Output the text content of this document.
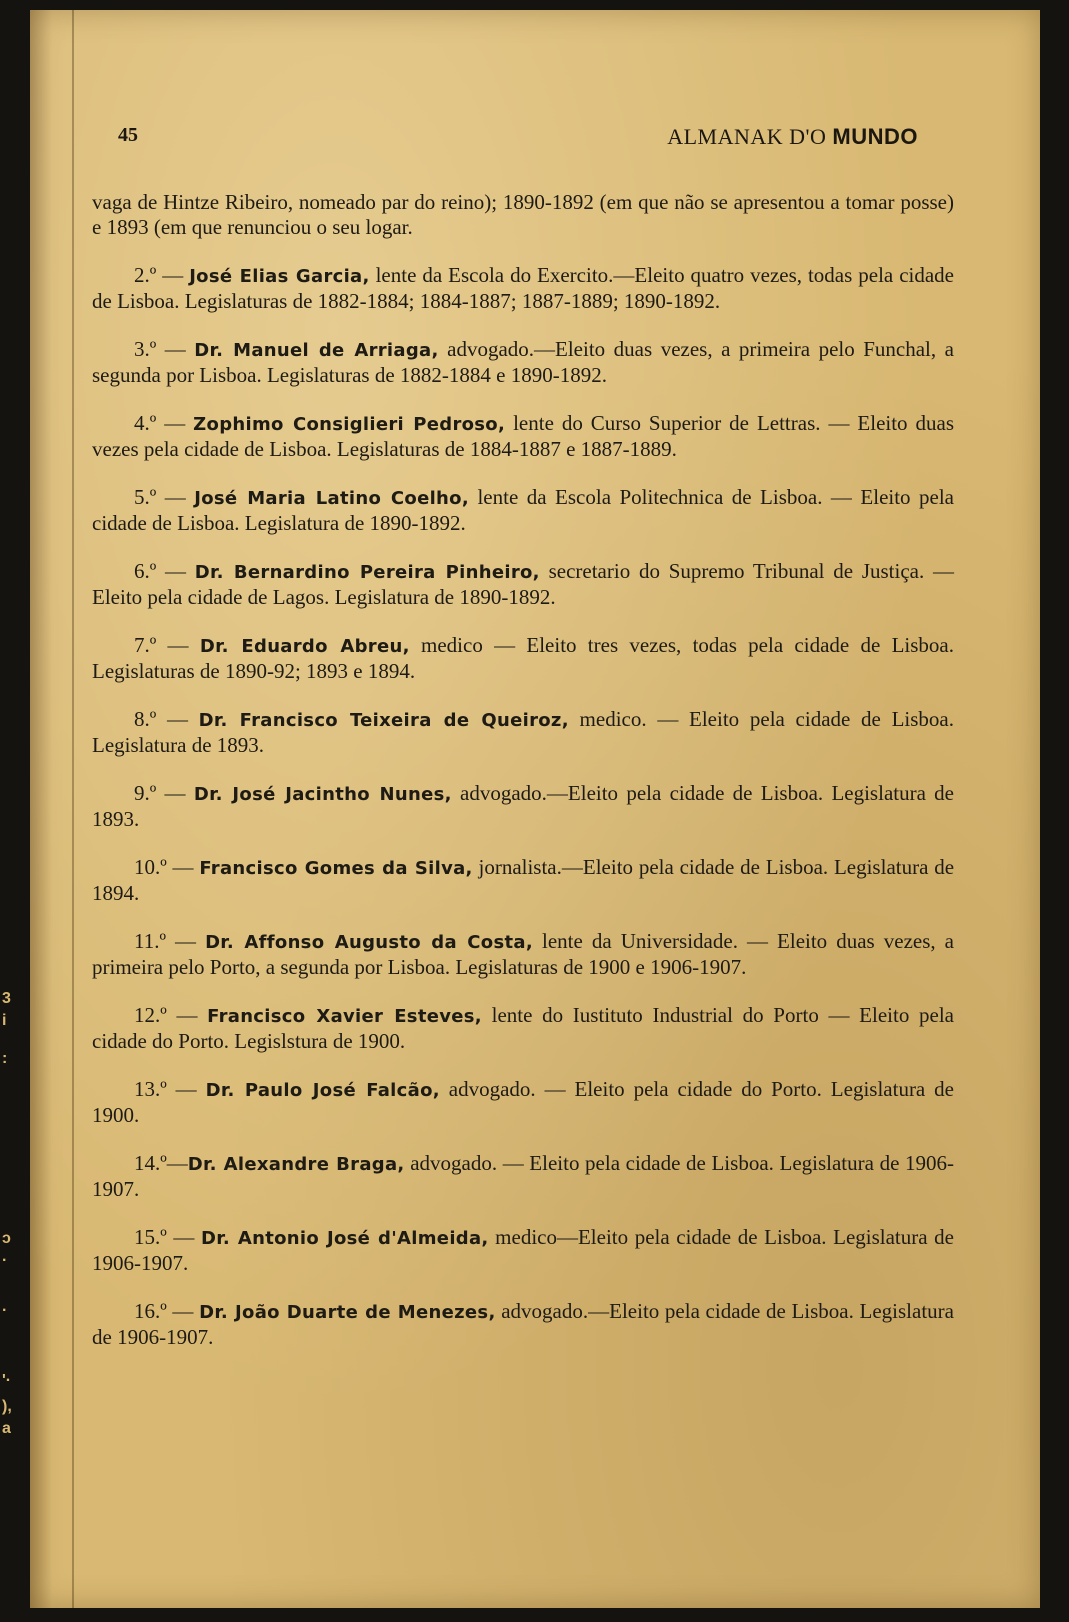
3
i
:
ɔ
·
·
'·
),
a
45	ALMANAK D'O MUNDO

vaga de Hintze Ribeiro, nomeado par do reino); 1890-1892 (em que não se apresentou a tomar posse) e 1893 (em que renunciou o seu logar.

2.º — José Elias Garcia, lente da Escola do Exercito.—Eleito quatro vezes, todas pela cidade de Lisboa. Legislaturas de 1882-1884; 1884-1887; 1887-1889; 1890-1892.

3.º — Dr. Manuel de Arriaga, advogado.—Eleito duas vezes, a primeira pelo Funchal, a segunda por Lisboa. Legislaturas de 1882-1884 e 1890-1892.

4.º — Zophimo Consiglieri Pedroso, lente do Curso Superior de Lettras. — Eleito duas vezes pela cidade de Lisboa. Legislaturas de 1884-1887 e 1887-1889.

5.º — José Maria Latino Coelho, lente da Escola Politechnica de Lisboa. — Eleito pela cidade de Lisboa. Legislatura de 1890-1892.

6.º — Dr. Bernardino Pereira Pinheiro, secretario do Supremo Tribunal de Justiça. — Eleito pela cidade de Lagos. Legislatura de 1890-1892.

7.º — Dr. Eduardo Abreu, medico — Eleito tres vezes, todas pela cidade de Lisboa. Legislaturas de 1890-92; 1893 e 1894.

8.º — Dr. Francisco Teixeira de Queiroz, medico. — Eleito pela cidade de Lisboa. Legislatura de 1893.

9.º — Dr. José Jacintho Nunes, advogado.—Eleito pela cidade de Lisboa. Legislatura de 1893.

10.º — Francisco Gomes da Silva, jornalista.—Eleito pela cidade de Lisboa. Legislatura de 1894.

11.º — Dr. Affonso Augusto da Costa, lente da Universidade. — Eleito duas vezes, a primeira pelo Porto, a segunda por Lisboa. Legislaturas de 1900 e 1906-1907.

12.º — Francisco Xavier Esteves, lente do Iustituto Industrial do Porto — Eleito pela cidade do Porto. Legislstura de 1900.

13.º — Dr. Paulo José Falcão, advogado. — Eleito pela cidade do Porto. Legislatura de 1900.

14.º—Dr. Alexandre Braga, advogado. — Eleito pela cidade de Lisboa. Legislatura de 1906-1907.

15.º — Dr. Antonio José d'Almeida, medico—Eleito pela cidade de Lisboa. Legislatura de 1906-1907.

16.º — Dr. João Duarte de Menezes, advogado.—Eleito pela cidade de Lisboa. Legislatura de 1906-1907.
